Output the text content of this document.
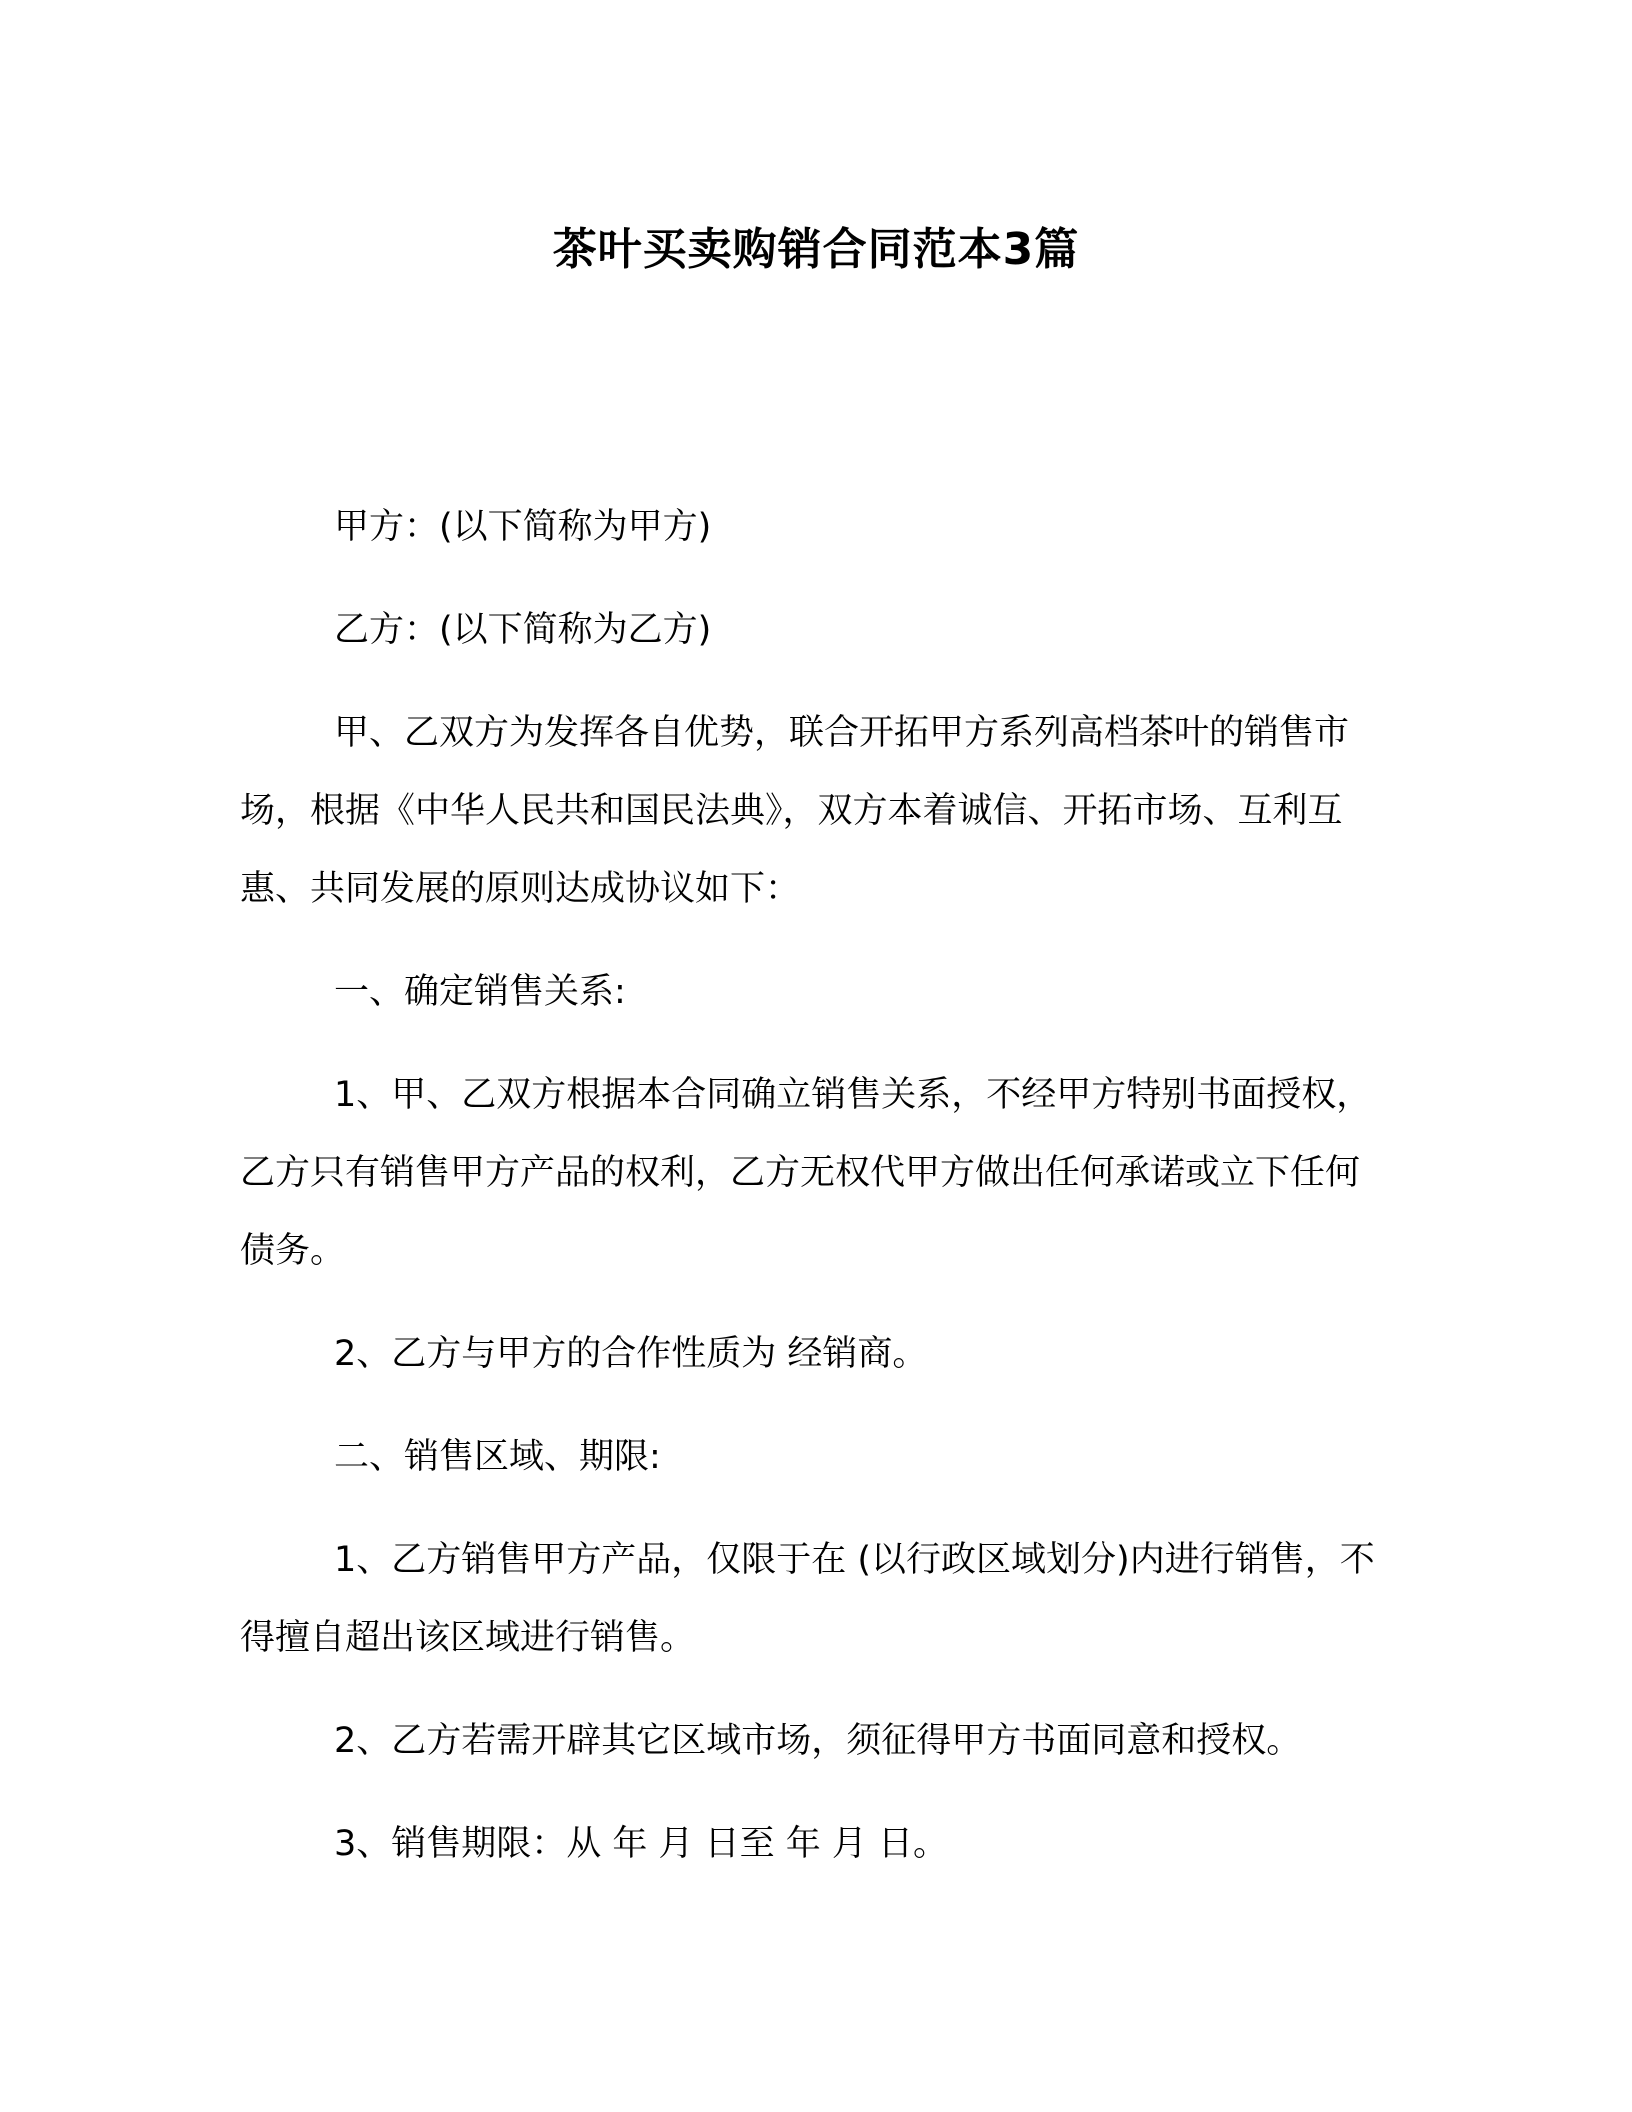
茶叶买卖购销合同范本3篇

甲方：(以下简称为甲方)

乙方：(以下简称为乙方)

甲、乙双方为发挥各自优势，联合开拓甲方系列高档茶叶的销售市场，根据《中华人民共和国民法典》，双方本着诚信、开拓市场、互利互惠、共同发展的原则达成协议如下：

一、确定销售关系:

1、甲、乙双方根据本合同确立销售关系，不经甲方特别书面授权，乙方只有销售甲方产品的权利，乙方无权代甲方做出任何承诺或立下任何债务。

2、乙方与甲方的合作性质为 经销商。

二、销售区域、期限:

1、乙方销售甲方产品，仅限于在 (以行政区域划分)内进行销售，不得擅自超出该区域进行销售。

2、乙方若需开辟其它区域市场，须征得甲方书面同意和授权。

3、销售期限：从 年 月 日至 年 月 日。
